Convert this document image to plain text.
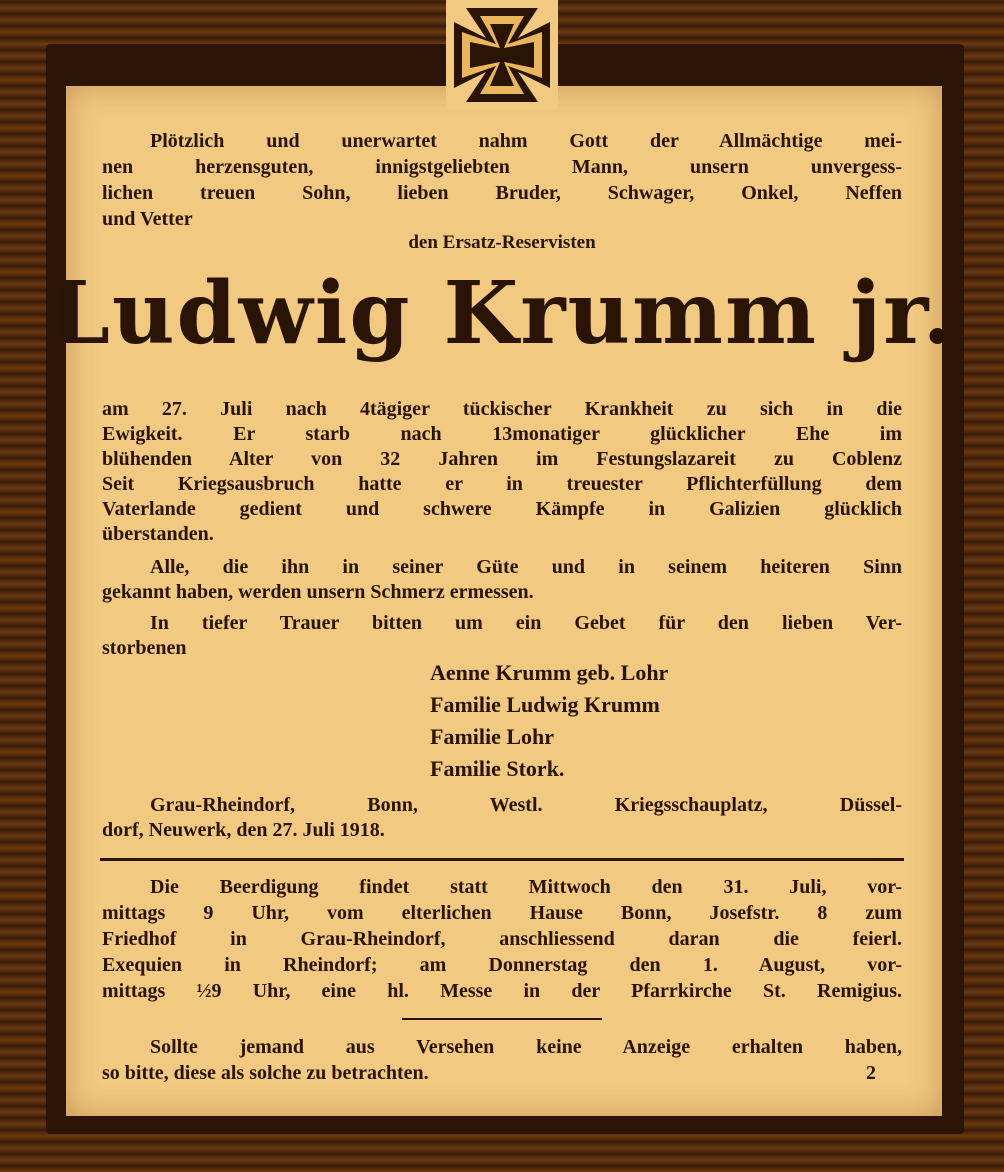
Plötzlich und unerwartet nahm Gott der Allmächtige mei-

nen herzensguten, innigstgeliebten Mann, unsern unvergess-

lichen treuen Sohn, lieben Bruder, Schwager, Onkel, Neffen

und Vetter

den Ersatz-Reservisten

Ludwig Krumm jr.

am 27. Juli nach 4tägiger tückischer Krankheit zu sich in die

Ewigkeit. Er starb nach 13monatiger glücklicher Ehe im

blühenden Alter von 32 Jahren im Festungslazareit zu Coblenz

Seit Kriegsausbruch hatte er in treuester Pflichterfüllung dem

Vaterlande gedient und schwere Kämpfe in Galizien glücklich

überstanden.

Alle, die ihn in seiner Güte und in seinem heiteren Sinn

gekannt haben, werden unsern Schmerz ermessen.

In tiefer Trauer bitten um ein Gebet für den lieben Ver-

storbenen

Aenne Krumm geb. Lohr

Familie Ludwig Krumm

Familie Lohr

Familie Stork.

Grau-Rheindorf, Bonn, Westl. Kriegsschauplatz, Düssel-

dorf, Neuwerk, den 27. Juli 1918.

Die Beerdigung findet statt Mittwoch den 31. Juli, vor-

mittags 9 Uhr, vom elterlichen Hause Bonn, Josefstr. 8 zum

Friedhof in Grau-Rheindorf, anschliessend daran die feierl.

Exequien in Rheindorf; am Donnerstag den 1. August, vor-

mittags ½9 Uhr, eine hl. Messe in der Pfarrkirche St. Remigius.

Sollte jemand aus Versehen keine Anzeige erhalten haben,

so bitte, diese als solche zu betrachten.	2
